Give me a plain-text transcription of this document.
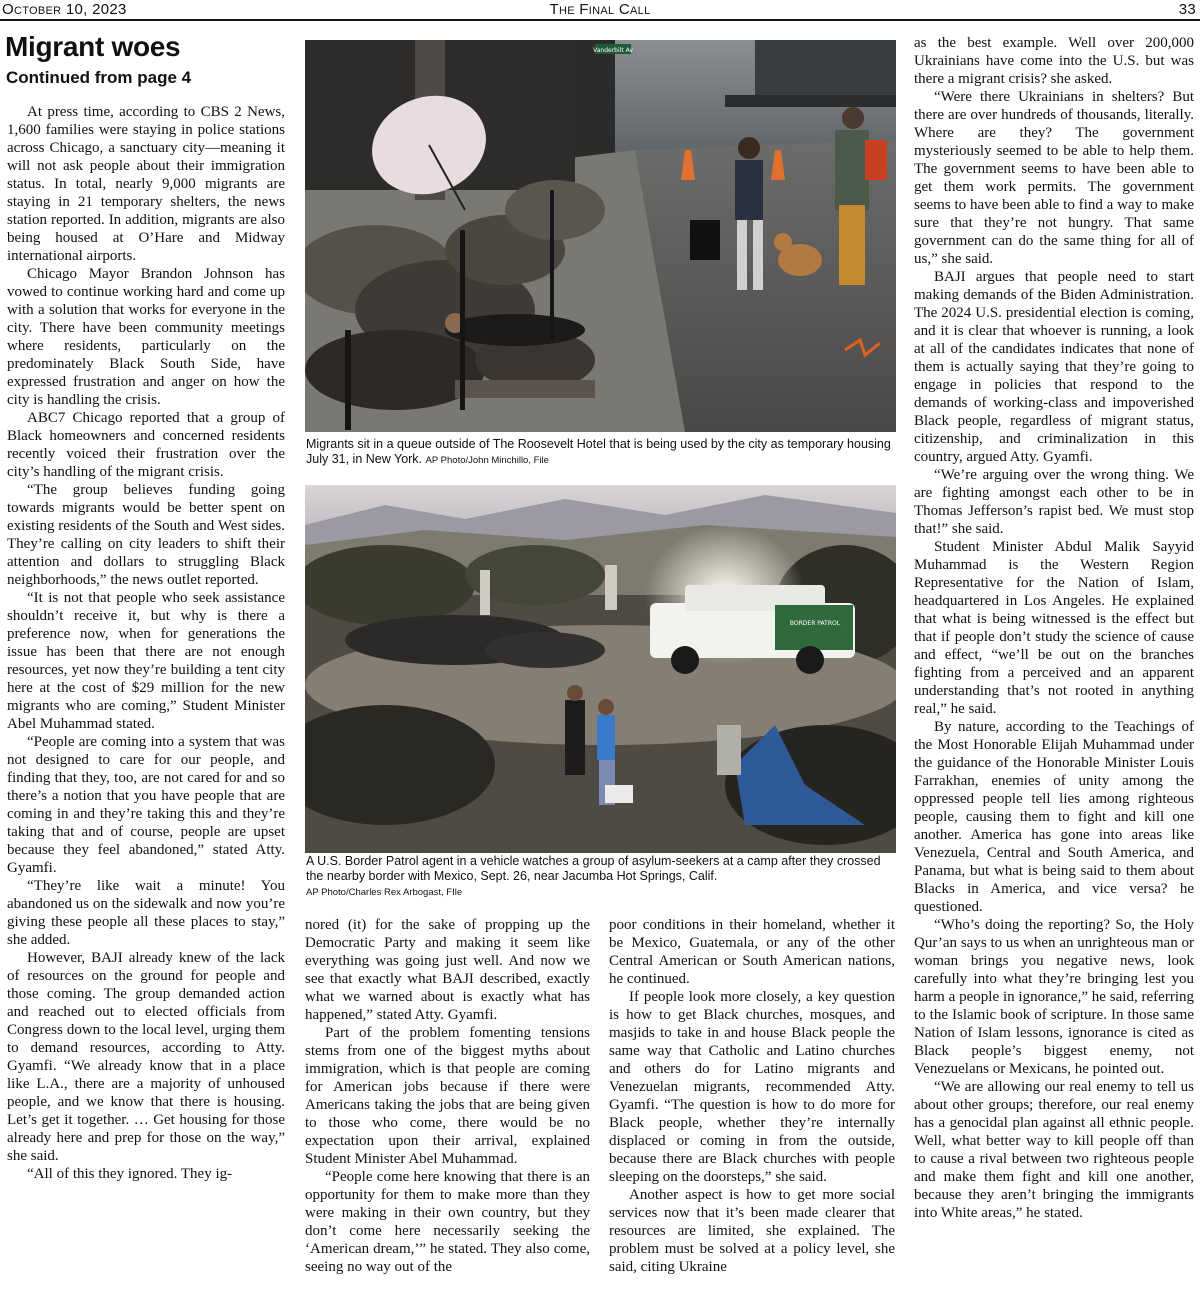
October 10, 2023	The Final Call	33
Migrant woes
Continued from page 4

At press time, according to CBS 2 News, 1,600 families were staying in police stations across Chicago, a sanctuary city—meaning it will not ask people about their immigration status. In total, nearly 9,000 migrants are staying in 21 temporary shelters, the news station reported. In addition, migrants are also being housed at O’Hare and Midway international airports.

Chicago Mayor Brandon Johnson has vowed to continue working hard and come up with a solution that works for everyone in the city. There have been community meetings where residents, particularly on the predominately Black South Side, have expressed frustration and anger on how the city is handling the crisis.

ABC7 Chicago reported that a group of Black homeowners and concerned residents recently voiced their frustration over the city’s handling of the migrant crisis.

“The group believes funding going towards migrants would be better spent on existing residents of the South and West sides. They’re calling on city leaders to shift their attention and dollars to struggling Black neighborhoods,” the news outlet reported.

“It is not that people who seek assistance shouldn’t receive it, but why is there a preference now, when for generations the issue has been that there are not enough resources, yet now they’re building a tent city here at the cost of $29 million for the new migrants who are coming,” Student Minister Abel Muhammad stated.

“People are coming into a system that was not designed to care for our people, and finding that they, too, are not cared for and so there’s a notion that you have people that are coming in and they’re taking this and they’re taking that and of course, people are upset because they feel abandoned,” stated Atty. Gyamfi.

“They’re like wait a minute! You abandoned us on the sidewalk and now you’re giving these people all these places to stay,” she added.

However, BAJI already knew of the lack of resources on the ground for people and those coming. The group demanded action and reached out to elected officials from Congress down to the local level, urging them to demand resources, according to Atty. Gyamfi. “We already know that in a place like L.A., there are a majority of unhoused people, and we know that there is housing. Let’s get it together. … Get housing for those already here and prep for those on the way,” she said.

“All of this they ignored. They ig-

Vanderbilt Av
Migrants sit in a queue outside of The Roosevelt Hotel that is being used by the city as temporary housing July 31, in New York. AP Photo/John Minchillo, File
BORDER PATROL
A U.S. Border Patrol agent in a vehicle watches a group of asylum-seekers at a camp after they crossed the nearby border with Mexico, Sept. 26, near Jacumba Hot Springs, Calif.
AP Photo/Charles Rex Arbogast, FIle

nored (it) for the sake of propping up the Democratic Party and making it seem like everything was going just well. And now we see that exactly what BAJI described, exactly what we warned about is exactly what has happened,” stated Atty. Gyamfi.

Part of the problem fomenting tensions stems from one of the biggest myths about immigration, which is that people are coming for American jobs because if there were Americans taking the jobs that are being given to those who come, there would be no expectation upon their arrival, explained Student Minister Abel Muhammad.

“People come here knowing that there is an opportunity for them to make more than they were making in their own country, but they don’t come here necessarily seeking the ‘American dream,’” he stated. They also come, seeing no way out of the

poor conditions in their homeland, whether it be Mexico, Guatemala, or any of the other Central American or South American nations, he continued.

If people look more closely, a key question is how to get Black churches, mosques, and masjids to take in and house Black people the same way that Catholic and Latino churches and others do for Latino migrants and Venezuelan migrants, recommended Atty. Gyamfi. “The question is how to do more for Black people, whether they’re internally displaced or coming in from the outside, because there are Black churches with people sleeping on the doorsteps,” she said.

Another aspect is how to get more social services now that it’s been made clearer that resources are limited, she explained. The problem must be solved at a policy level, she said, citing Ukraine

as the best example. Well over 200,000 Ukrainians have come into the U.S. but was there a migrant crisis? she asked.

“Were there Ukrainians in shelters? But there are over hundreds of thousands, literally. Where are they? The government mysteriously seemed to be able to help them. The government seems to have been able to get them work permits. The government seems to have been able to find a way to make sure that they’re not hungry. That same government can do the same thing for all of us,” she said.

BAJI argues that people need to start making demands of the Biden Administration. The 2024 U.S. presidential election is coming, and it is clear that whoever is running, a look at all of the candidates indicates that none of them is actually saying that they’re going to engage in policies that respond to the demands of working-class and impoverished Black people, regardless of migrant status, citizenship, and criminalization in this country, argued Atty. Gyamfi.

“We’re arguing over the wrong thing. We are fighting amongst each other to be in Thomas Jefferson’s rapist bed. We must stop that!” she said.

Student Minister Abdul Malik Sayyid Muhammad is the Western Region Representative for the Nation of Islam, headquartered in Los Angeles. He explained that what is being witnessed is the effect but that if people don’t study the science of cause and effect, “we’ll be out on the branches fighting from a perceived and an apparent understanding that’s not rooted in anything real,” he said.

By nature, according to the Teachings of the Most Honorable Elijah Muhammad under the guidance of the Honorable Minister Louis Farrakhan, enemies of unity among the oppressed people tell lies among righteous people, causing them to fight and kill one another. America has gone into areas like Venezuela, Central and South America, and Panama, but what is being said to them about Blacks in America, and vice versa? he questioned.

“Who’s doing the reporting? So, the Holy Qur’an says to us when an unrighteous man or woman brings you negative news, look carefully into what they’re bringing lest you harm a people in ignorance,” he said, referring to the Islamic book of scripture. In those same Nation of Islam lessons, ignorance is cited as Black people’s biggest enemy, not Venezuelans or Mexicans, he pointed out.

“We are allowing our real enemy to tell us about other groups; therefore, our real enemy has a genocidal plan against all ethnic people. Well, what better way to kill people off than to cause a rival between two righteous people and make them fight and kill one another, because they aren’t bringing the immigrants into White areas,” he stated.
